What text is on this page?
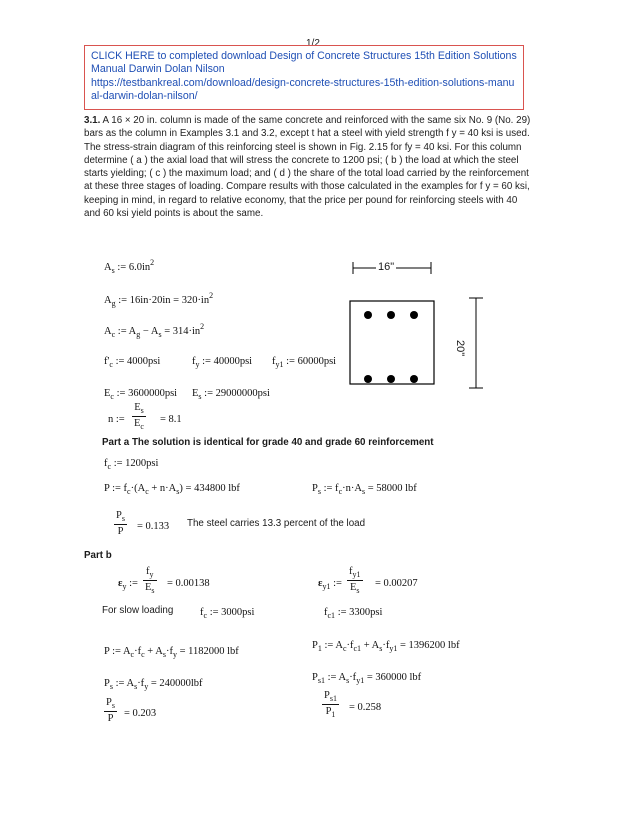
1/2
CLICK HERE to completed download Design of Concrete Structures 15th Edition Solutions
Manual Darwin Dolan Nilson
https://testbankreal.com/download/design-concrete-structures-15th-edition-solutions-manu
al-darwin-dolan-nilson/
3.1. A 16 × 20 in. column is made of the same concrete and reinforced with the same six No. 9 (No. 29) bars as the column in Examples 3.1 and 3.2, except t hat a steel with yield strength f y = 40 ksi is used. The stress-strain diagram of this reinforcing steel is shown in Fig. 2.15 for fy = 40 ksi. For this column determine ( a ) the axial load that will stress the concrete to 1200 psi; ( b ) the load at which the steel starts yielding; ( c ) the maximum load; and ( d ) the share of the total load carried by the reinforcement at these three stages of loading. Compare results with those calculated in the examples for f y = 60 ksi, keeping in mind, in regard to relative economy, that the price per pound for reinforcing steels with 40 and 60 ksi yield points is about the same.
$A_s$ := $6.0in^2$
$A_g$ := $16in\cdot 20in = 320\cdot in^2$
$A_c$ := $A_g - A_s = 314\cdot in^2$
$f'_c$ := 4000psi	$f_y$ := 40000psi $f_{y1}$ := 60000psi
$E_c$ := 3600000psi $E_s$ := 29000000psi
n :=
$E_s$
$E_c$
= 8.1
16"
20"
Part a The solution is identical for grade 40 and grade 60 reinforcement
$f_c$ := 1200psi
P := $f_c\cdot(A_c + n\cdot A_s) = 434800$ lbf	$P_s$ := $f_c\cdot n\cdot A_s = 58000$ lbf
$P_s$
P	= 0.133 The steel carries 13.3 percent of the load
Part b
$\varepsilon_y$ :=
$f_y$
$E_s$
= 0.00138	$\varepsilon_{y1}$ :=
$f_{y1}$
$E_s$
= 0.00207
For slow loading	$f_c$ := 3000psi	$f_{c1}$ := 3300psi
P := $A_c\cdot f_c + A_s\cdot f_y = 1182000$ lbf
$P_1$ := $A_c\cdot f_{c1} + A_s\cdot f_{y1} = 1396200$ lbf
$P_s$ := $A_s\cdot f_y = 240000lbf$
$P_{s1}$ := $A_s\cdot f_{y1} = 360000$ lbf
$P_s$
P	= 0.203
$P_{s1}$
$P_1$
= 0.258
